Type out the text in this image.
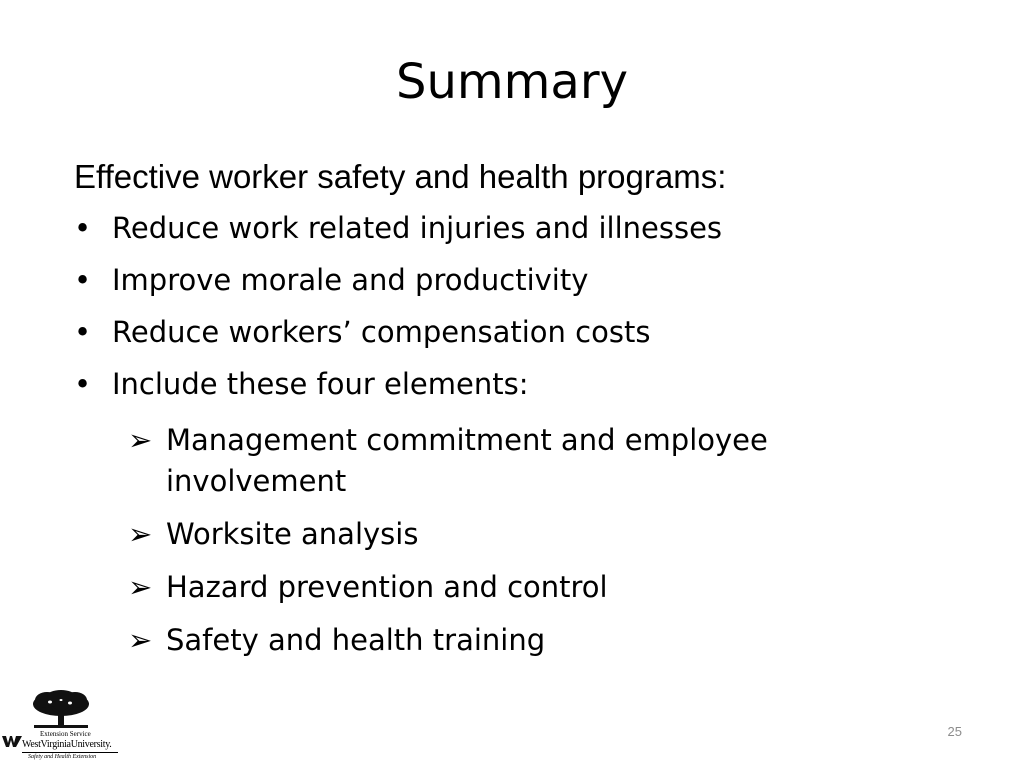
Summary

Effective worker safety and health programs:

• Reduce work related injuries and illnesses
• Improve morale and productivity
• Reduce workers’ compensation costs
• Include these four elements:
➢ Management commitment and employee involvement
➢ Worksite analysis
➢ Hazard prevention and control
➢ Safety and health training
Extension Service
WestVirginiaUniversity.
Safety and Health Extension
25
